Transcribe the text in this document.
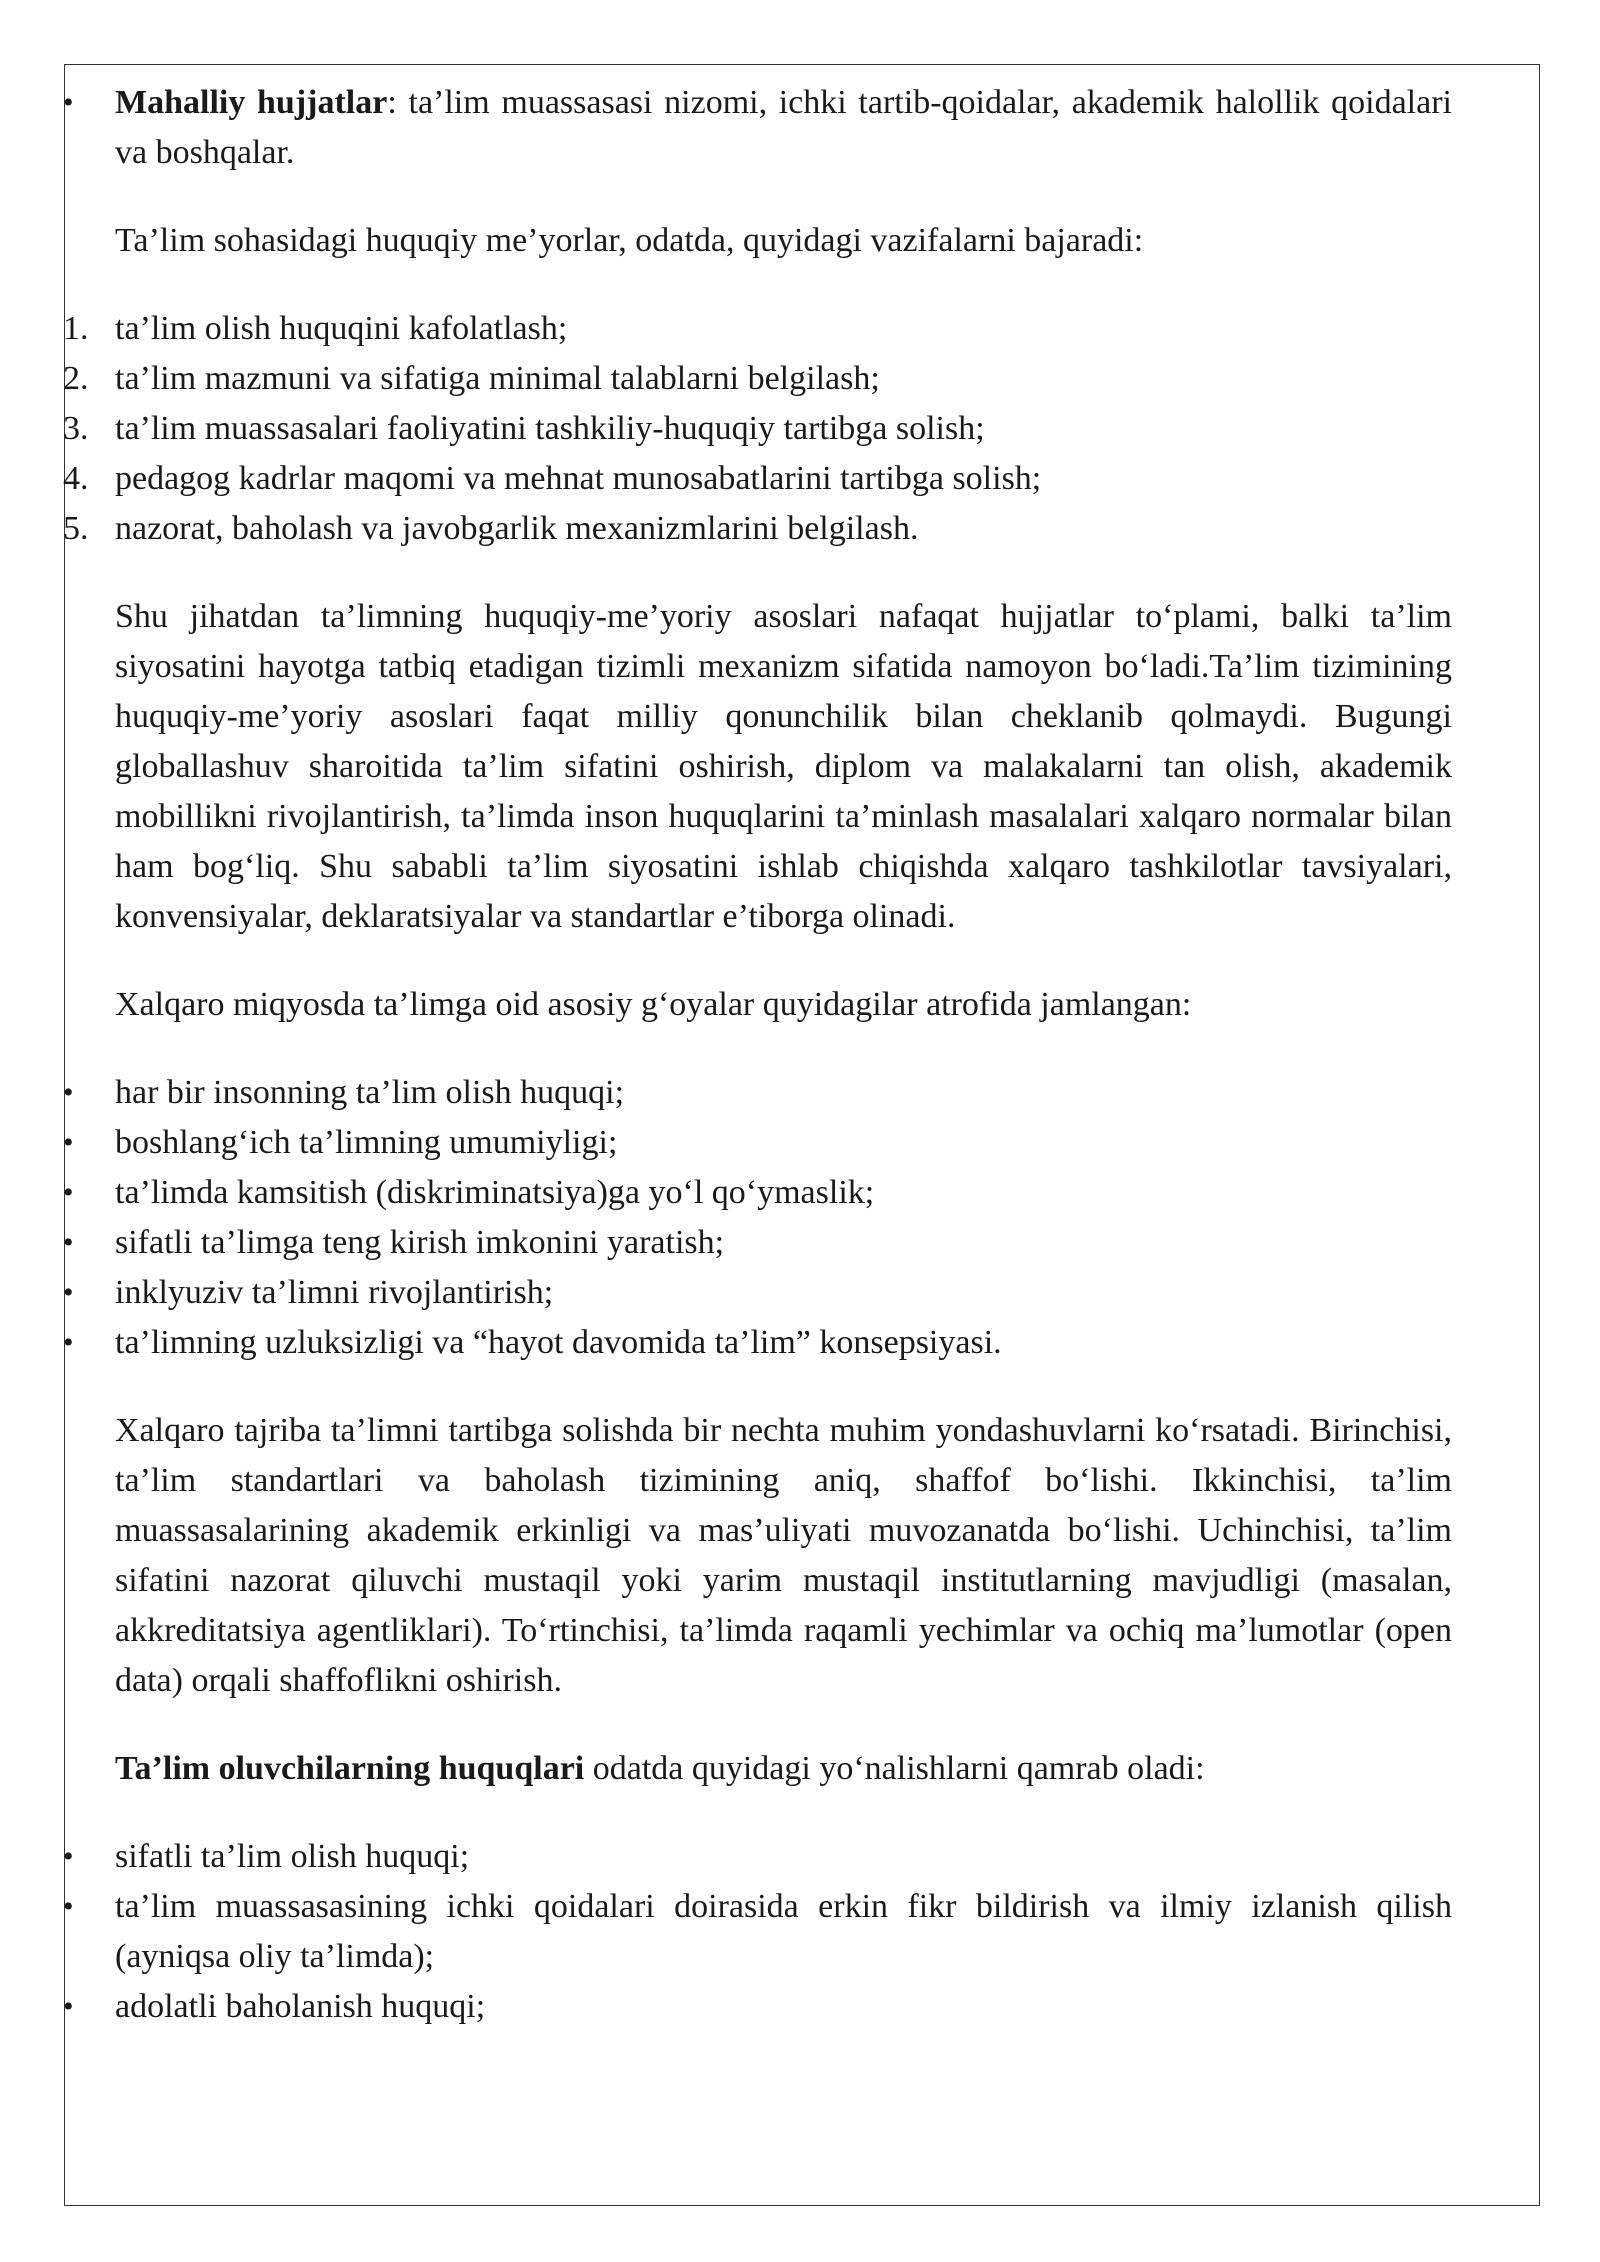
•	Mahalliy hujjatlar: ta’lim muassasasi nizomi, ichki tartib-qoidalar, akademik halollik qoidalari va boshqalar.
Ta’lim sohasidagi huquqiy me’yorlar, odatda, quyidagi vazifalarni bajaradi:
1. ta’lim olish huquqini kafolatlash;
2. ta’lim mazmuni va sifatiga minimal talablarni belgilash;
3. ta’lim muassasalari faoliyatini tashkiliy-huquqiy tartibga solish;
4. pedagog kadrlar maqomi va mehnat munosabatlarini tartibga solish;
5. nazorat, baholash va javobgarlik mexanizmlarini belgilash.
Shu jihatdan ta’limning huquqiy-me’yoriy asoslari nafaqat hujjatlar to‘plami, balki ta’lim siyosatini hayotga tatbiq etadigan tizimli mexanizm sifatida namoyon bo‘ladi.Ta’lim tizimining huquqiy-me’yoriy asoslari faqat milliy qonunchilik bilan cheklanib qolmaydi. Bugungi globallashuv sharoitida ta’lim sifatini oshirish, diplom va malakalarni tan olish, akademik mobillikni rivojlantirish, ta’limda inson huquqlarini ta’minlash masalalari xalqaro normalar bilan ham bog‘liq. Shu sababli ta’lim siyosatini ishlab chiqishda xalqaro tashkilotlar tavsiyalari, konvensiyalar, deklaratsiyalar va standartlar e’tiborga olinadi.
Xalqaro miqyosda ta’limga oid asosiy g‘oyalar quyidagilar atrofida jamlangan:
•	har bir insonning ta’lim olish huquqi;
•	boshlang‘ich ta’limning umumiyligi;
•	ta’limda kamsitish (diskriminatsiya)ga yo‘l qo‘ymaslik;
•	sifatli ta’limga teng kirish imkonini yaratish;
•	inklyuziv ta’limni rivojlantirish;
•	ta’limning uzluksizligi va “hayot davomida ta’lim” konsepsiyasi.
Xalqaro tajriba ta’limni tartibga solishda bir nechta muhim yondashuvlarni ko‘rsatadi. Birinchisi, ta’lim standartlari va baholash tizimining aniq, shaffof bo‘lishi. Ikkinchisi, ta’lim muassasalarining akademik erkinligi va mas’uliyati muvozanatda bo‘lishi. Uchinchisi, ta’lim sifatini nazorat qiluvchi mustaqil yoki yarim mustaqil institutlarning mavjudligi (masalan, akkreditatsiya agentliklari). To‘rtinchisi, ta’limda raqamli yechimlar va ochiq ma’lumotlar (open data) orqali shaffoflikni oshirish.
Ta’lim oluvchilarning huquqlari odatda quyidagi yo‘nalishlarni qamrab oladi:
•	sifatli ta’lim olish huquqi;
•	ta’lim muassasasining ichki qoidalari doirasida erkin fikr bildirish va ilmiy izlanish qilish (ayniqsa oliy ta’limda);
•	adolatli baholanish huquqi;
